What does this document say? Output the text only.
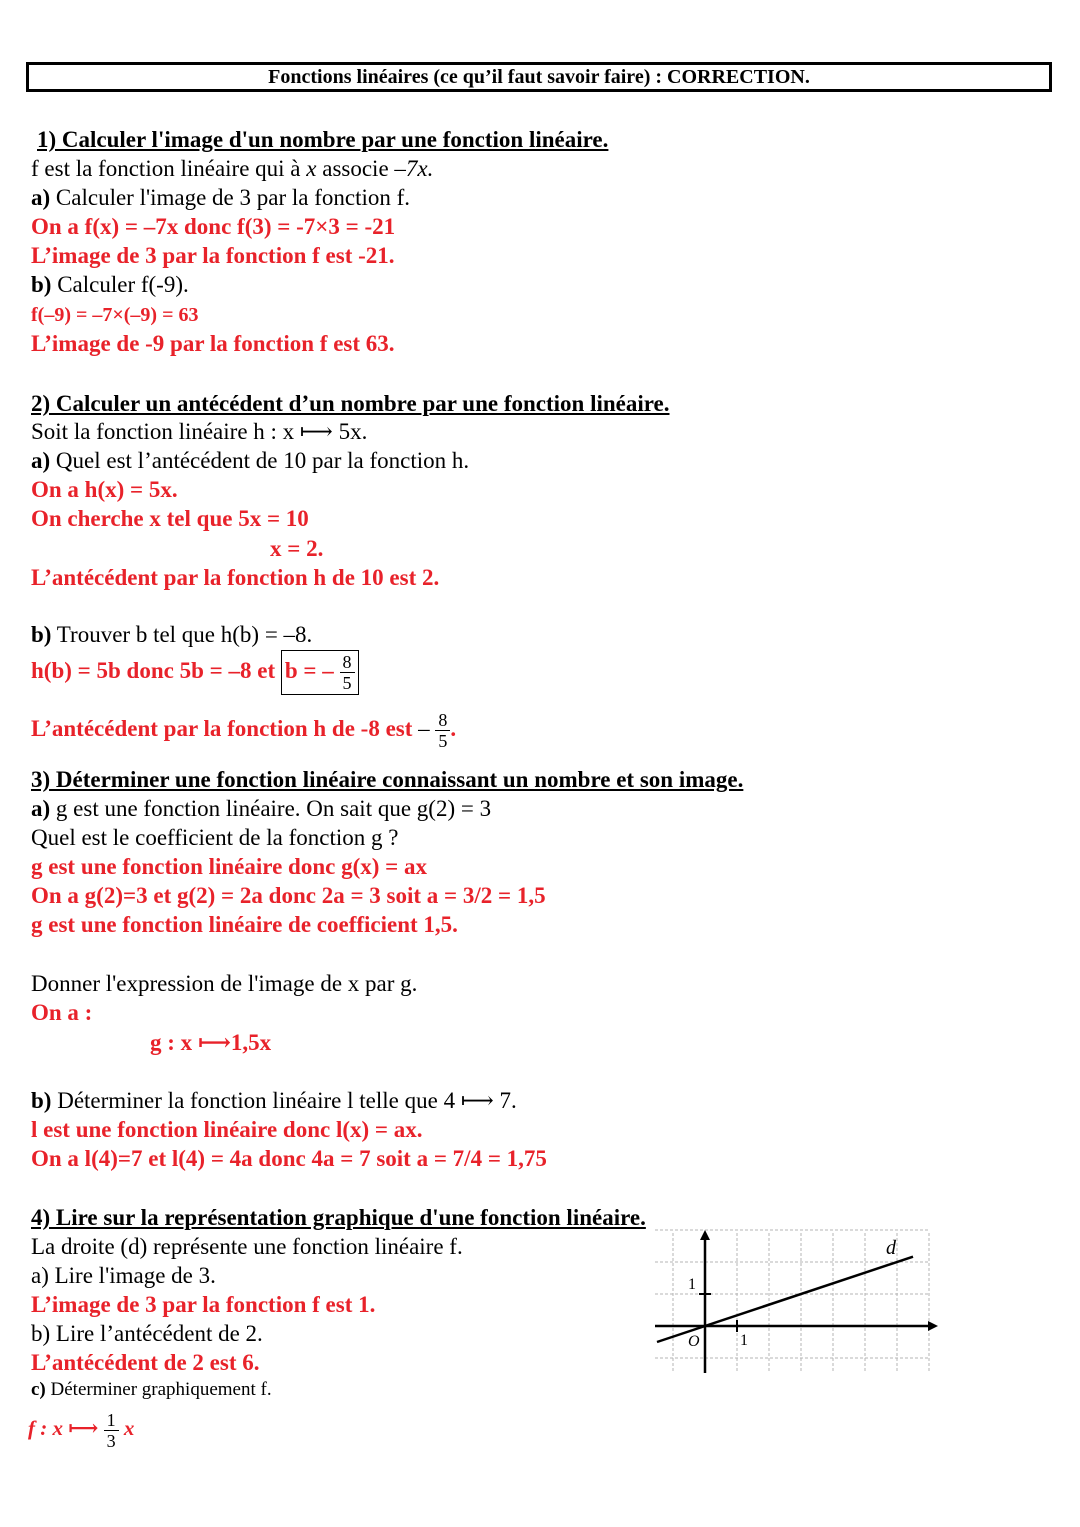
Fonctions linéaires (ce qu’il faut savoir faire) : CORRECTION.
1) Calculer l'image d'un nombre par une fonction linéaire.
f est la fonction linéaire qui à x associe –7x.
a) Calculer l'image de 3 par la fonction f.
On a f(x) = –7x donc f(3) = -7×3 = -21
L’image de 3 par la fonction f est -21.
b) Calculer f(-9).
f(–9) = –7×(–9) = 63
L’image de -9 par la fonction f est 63.
2) Calculer un antécédent d’un nombre par une fonction linéaire.
Soit la fonction linéaire h : x ⟼ 5x.
a) Quel est l’antécédent de 10 par la fonction h.
On a h(x) = 5x.
On cherche x tel que 5x = 10
x = 2.
L’antécédent par la fonction h de 10 est 2.
b) Trouver b tel que h(b) = –8.
h(b) = 5b donc 5b = –8 et b = – $\frac{8}{5}$
L’antécédent par la fonction h de -8 est – $\frac{8}{5}$ .
3) Déterminer une fonction linéaire connaissant un nombre et son image.
a) g est une fonction linéaire. On sait que g(2) = 3
Quel est le coefficient de la fonction g ?
g est une fonction linéaire donc g(x) = ax
On a g(2)=3 et g(2) = 2a donc 2a = 3 soit a = 3/2 = 1,5
g est une fonction linéaire de coefficient 1,5.
Donner l'expression de l'image de x par g.
On a :
g : x ⟼1,5x
b) Déterminer la fonction linéaire l telle que 4 ⟼ 7.
l est une fonction linéaire donc l(x) = ax.
On a l(4)=7 et l(4) = 4a donc 4a = 7 soit a = 7/4 = 1,75
4) Lire sur la représentation graphique d'une fonction linéaire.
La droite (d) représente une fonction linéaire f.
a) Lire l'image de 3.
L’image de 3 par la fonction f est 1.
b) Lire l’antécédent de 2.
L’antécédent de 2 est 6.
c) Déterminer graphiquement f.
f : x ⟼ $\frac{1}{3}$ x
1
1
O
d
